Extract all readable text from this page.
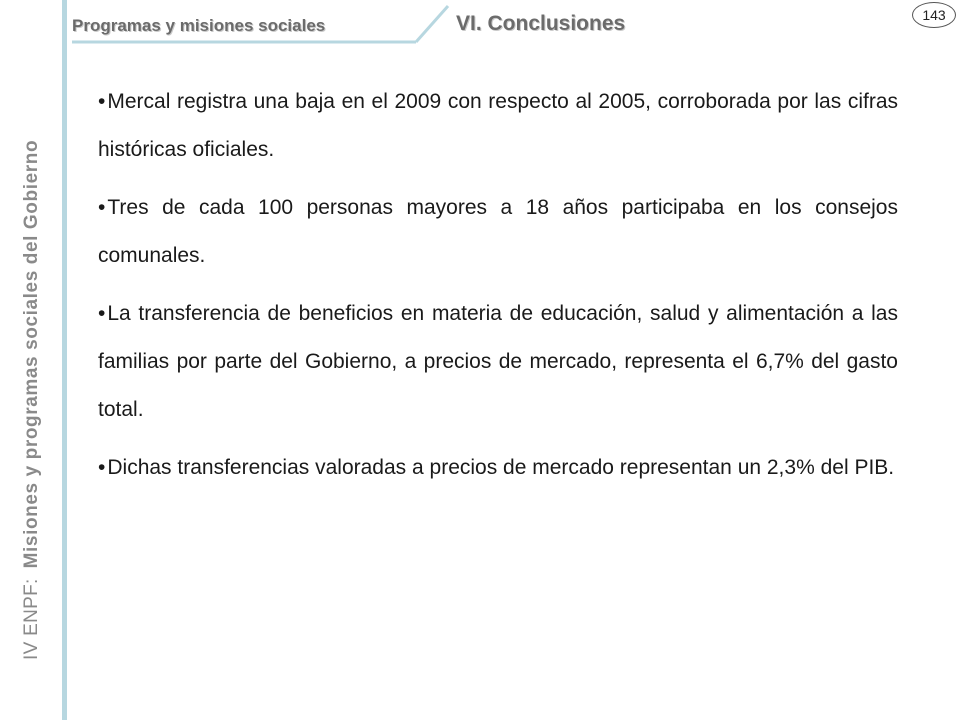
IV ENPF:
Misiones y programas sociales del Gobierno
Programas y misiones sociales	VI. Conclusiones	143

•Mercal registra una baja en el 2009 con respecto al 2005, corroborada por las cifras históricas oficiales.

•Tres de cada 100 personas mayores a 18 años participaba en los consejos comunales.

•La transferencia de beneficios en materia de educación, salud y alimentación a las familias por parte del Gobierno, a precios de mercado, representa el 6,7% del gasto total.

•Dichas transferencias valoradas a precios de mercado representan un 2,3% del PIB.
